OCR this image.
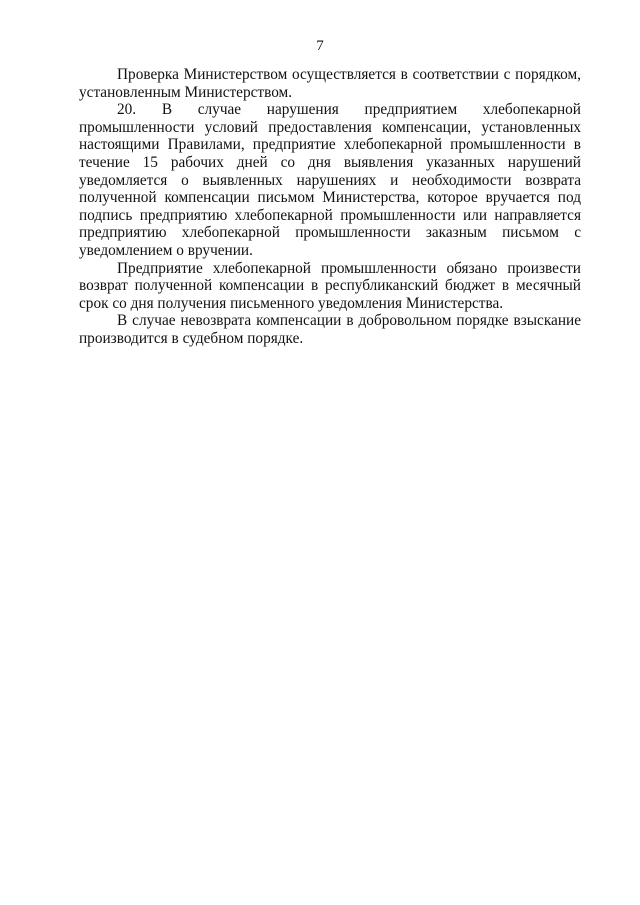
7

Проверка Министерством осуществляется в соответствии с порядком, установленным Министерством.

20. В случае нарушения предприятием хлебопекарной промышленности условий предоставления компенсации, установленных настоящими Правилами, предприятие хлебопекарной промышленности в течение 15 рабочих дней со дня выявления указанных нарушений уведомляется о выявленных нарушениях и необходимости возврата полученной компенсации письмом Министерства, которое вручается под подпись предприятию хлебопекарной промышленности или направляется предприятию хлебопекарной промышленности заказным письмом с уведомлением о вручении.

Предприятие хлебопекарной промышленности обязано произвести возврат полученной компенсации в республиканский бюджет в месячный срок со дня получения письменного уведомления Министерства.

В случае невозврата компенсации в добровольном порядке взыскание производится в судебном порядке.
